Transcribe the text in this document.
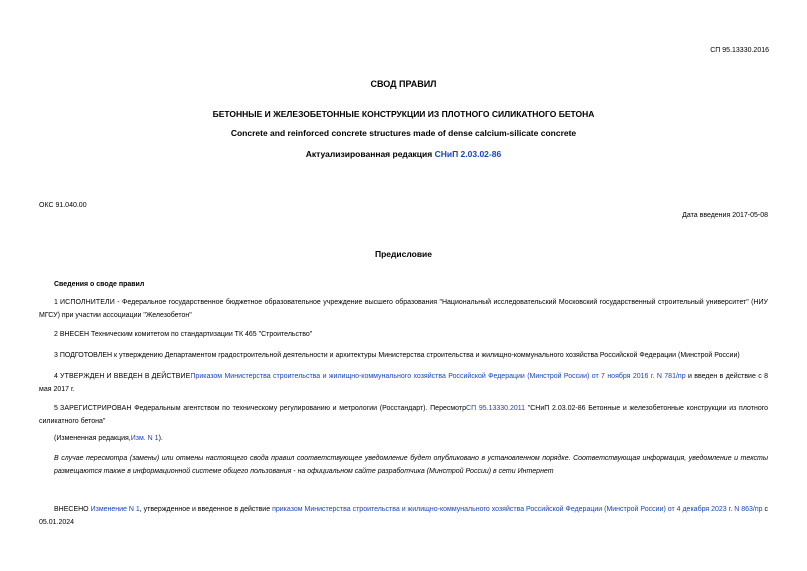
СП 95.13330.2016
СВОД ПРАВИЛ
БЕТОННЫЕ И ЖЕЛЕЗОБЕТОННЫЕ КОНСТРУКЦИИ ИЗ ПЛОТНОГО СИЛИКАТНОГО БЕТОНА
Concrete and reinforced concrete structures made of dense calcium-silicate concrete
Актуализированная редакция СНиП 2.03.02-86
ОКС 91.040.00
Дата введения 2017-05-08
Предисловие
Сведения о своде правил
1 ИСПОЛНИТЕЛИ - Федеральное государственное бюджетное образовательное учреждение высшего образования "Национальный исследовательский Московский государственный строительный университет" (НИУ МГСУ) при участии ассоциации "Железобетон"
2 ВНЕСЕН Техническим комитетом по стандартизации ТК 465 "Строительство"
3 ПОДГОТОВЛЕН к утверждению Департаментом градостроительной деятельности и архитектуры Министерства строительства и жилищно-коммунального хозяйства Российской Федерации (Минстрой России)
4 УТВЕРЖДЕН И ВВЕДЕН В ДЕЙСТВИЕПриказом Министерства строительства и жилищно-коммунального хозяйства Российской Федерации (Минстрой России) от 7 ноября 2016 г. N 781/пр и введен в действие с 8 мая 2017 г.
5 ЗАРЕГИСТРИРОВАН Федеральным агентством по техническому регулированию и метрологии (Росстандарт). ПересмотрСП 95.13330.2011 "СНиП 2.03.02-86 Бетонные и железобетонные конструкции из плотного силикатного бетона"
(Измененная редакция,Изм. N 1).
В случае пересмотра (замены) или отмены настоящего свода правил соответствующее уведомление будет опубликовано в установленном порядке. Соответствующая информация, уведомление и тексты размещаются также в информационной системе общего пользования - на официальном сайте разработчика (Минстрой России) в сети Интернет
ВНЕСЕНО Изменение N 1, утвержденное и введенное в действие приказом Министерства строительства и жилищно-коммунального хозяйства Российской Федерации (Минстрой России) от 4 декабря 2023 г. N 863/пр с 05.01.2024
